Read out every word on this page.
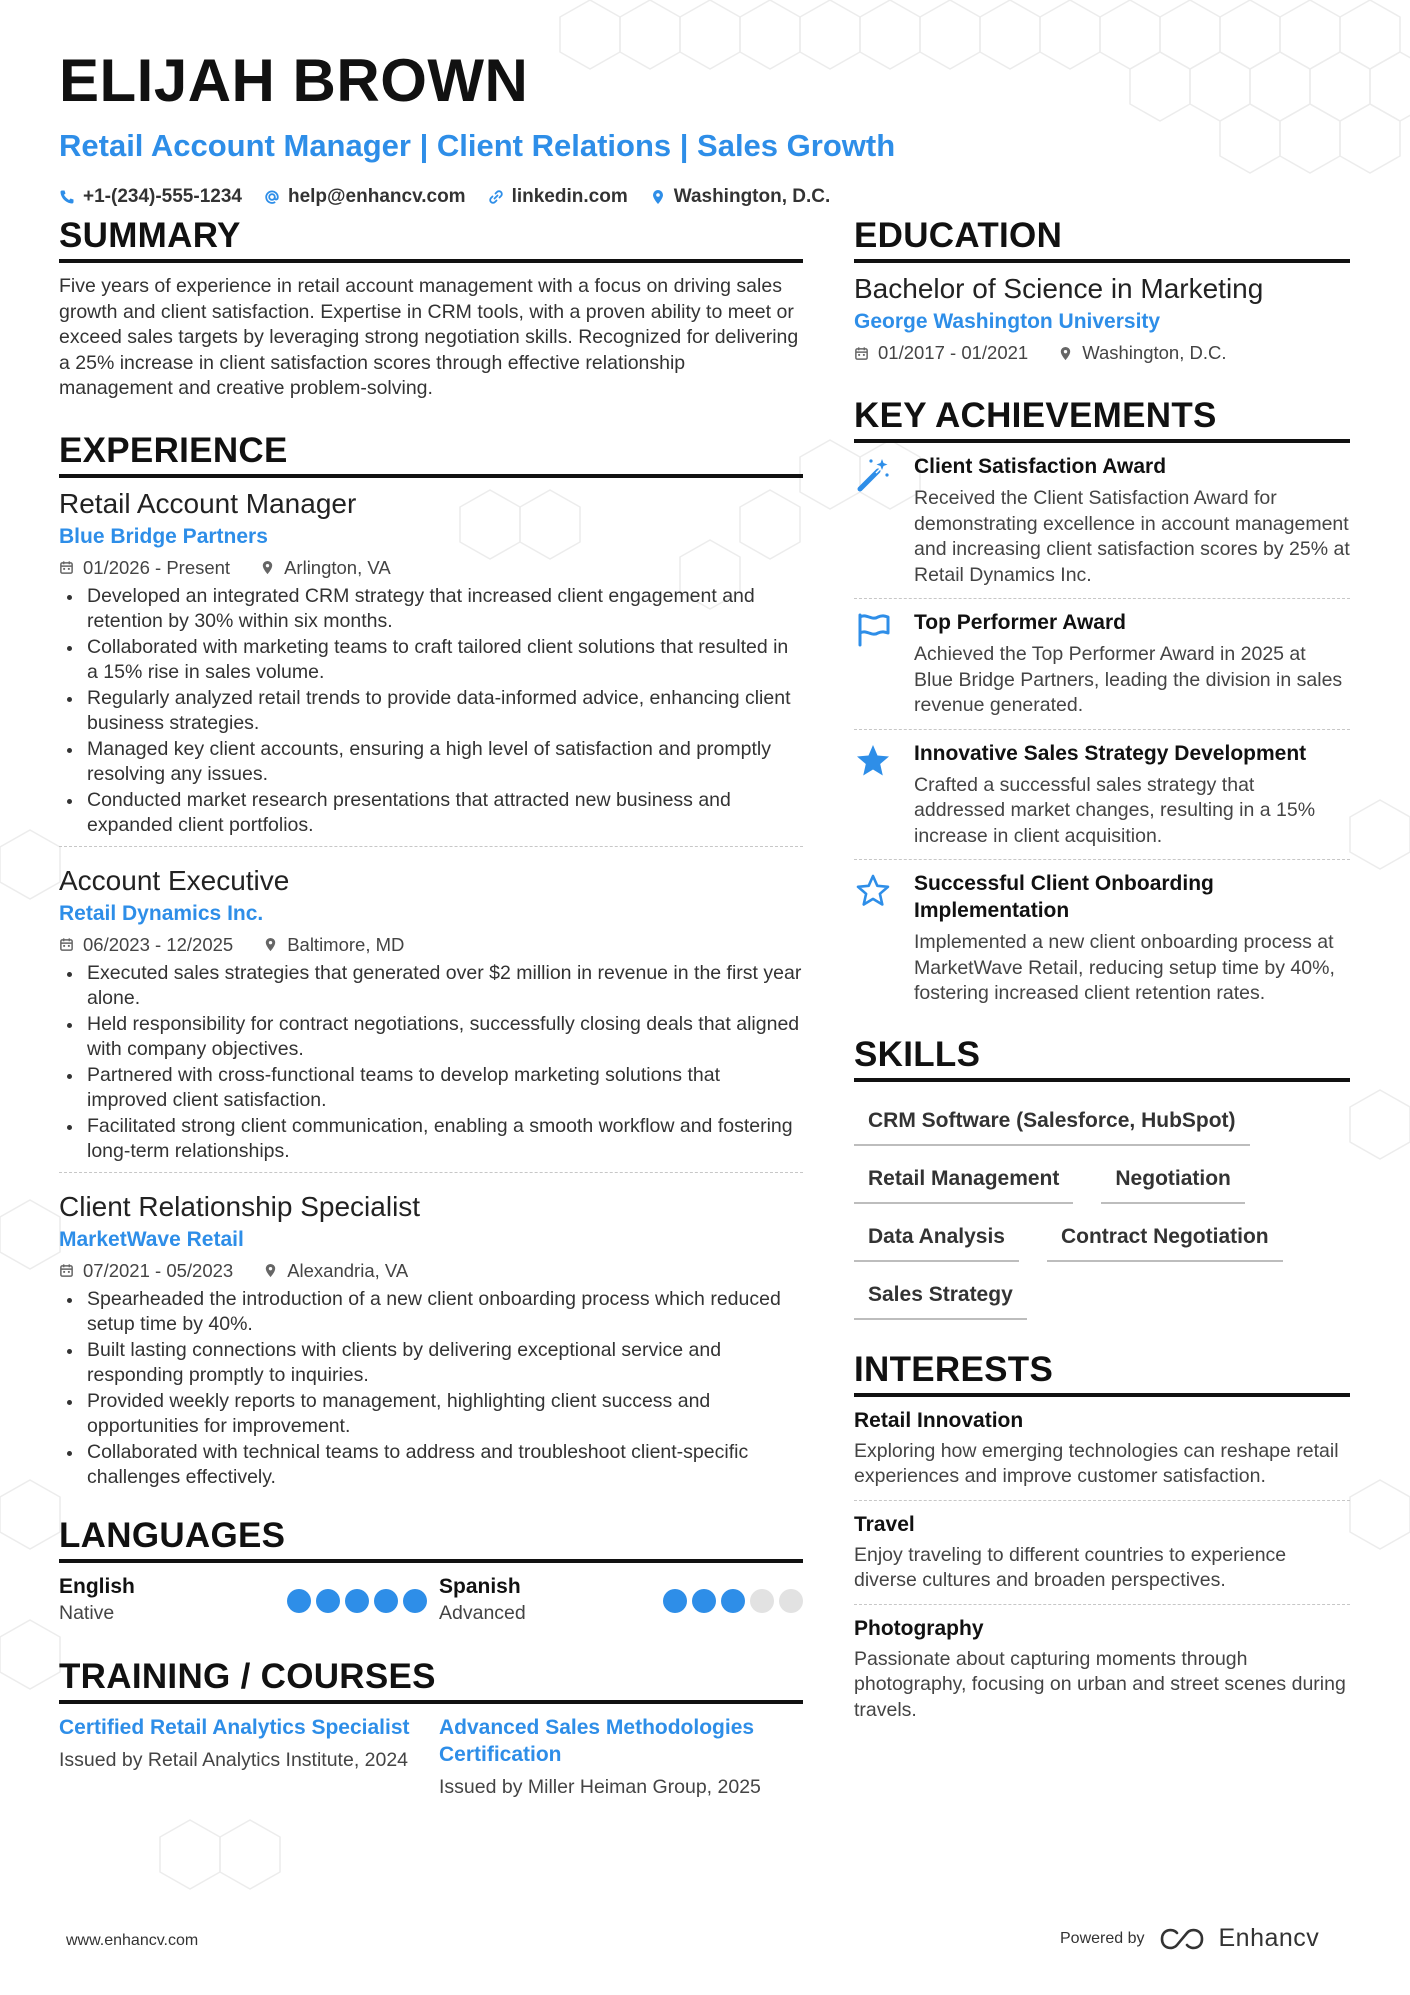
ELIJAH BROWN
Retail Account Manager | Client Relations | Sales Growth
+1-(234)-555-1234 help@enhancv.com linkedin.com Washington, D.C.
SUMMARY

Five years of experience in retail account management with a focus on driving sales growth and client satisfaction. Expertise in CRM tools, with a proven ability to meet or exceed sales targets by leveraging strong negotiation skills. Recognized for delivering a 25% increase in client satisfaction scores through effective relationship management and creative problem-solving.

EXPERIENCE
Retail Account Manager
Blue Bridge Partners
01/2026 - Present	Arlington, VA
Developed an integrated CRM strategy that increased client engagement and retention by 30% within six months.
Collaborated with marketing teams to craft tailored client solutions that resulted in a 15% rise in sales volume.
Regularly analyzed retail trends to provide data-informed advice, enhancing client business strategies.
Managed key client accounts, ensuring a high level of satisfaction and promptly resolving any issues.
Conducted market research presentations that attracted new business and expanded client portfolios.
Account Executive
Retail Dynamics Inc.
06/2023 - 12/2025	Baltimore, MD
Executed sales strategies that generated over $2 million in revenue in the first year alone.
Held responsibility for contract negotiations, successfully closing deals that aligned with company objectives.
Partnered with cross-functional teams to develop marketing solutions that improved client satisfaction.
Facilitated strong client communication, enabling a smooth workflow and fostering long-term relationships.
Client Relationship Specialist
MarketWave Retail
07/2021 - 05/2023	Alexandria, VA
Spearheaded the introduction of a new client onboarding process which reduced setup time by 40%.
Built lasting connections with clients by delivering exceptional service and responding promptly to inquiries.
Provided weekly reports to management, highlighting client success and opportunities for improvement.
Collaborated with technical teams to address and troubleshoot client-specific challenges effectively.
LANGUAGES
English
Native
Spanish
Advanced
TRAINING / COURSES
Certified Retail Analytics Specialist
Issued by Retail Analytics Institute, 2024
Advanced Sales Methodologies Certification
Issued by Miller Heiman Group, 2025
EDUCATION
Bachelor of Science in Marketing
George Washington University
01/2017 - 01/2021	Washington, D.C.
KEY ACHIEVEMENTS
Client Satisfaction Award
Received the Client Satisfaction Award for demonstrating excellence in account management and increasing client satisfaction scores by 25% at Retail Dynamics Inc.
Top Performer Award
Achieved the Top Performer Award in 2025 at Blue Bridge Partners, leading the division in sales revenue generated.
Innovative Sales Strategy Development
Crafted a successful sales strategy that addressed market changes, resulting in a 15% increase in client acquisition.
Successful Client Onboarding Implementation
Implemented a new client onboarding process at MarketWave Retail, reducing setup time by 40%, fostering increased client retention rates.
SKILLS
CRM Software (Salesforce, HubSpot)
Retail Management	Negotiation
Data Analysis	Contract Negotiation
Sales Strategy
INTERESTS
Retail Innovation
Exploring how emerging technologies can reshape retail experiences and improve customer satisfaction.
Travel
Enjoy traveling to different countries to experience diverse cultures and broaden perspectives.
Photography
Passionate about capturing moments through photography, focusing on urban and street scenes during travels.
www.enhancv.com	Powered by	Enhancv
